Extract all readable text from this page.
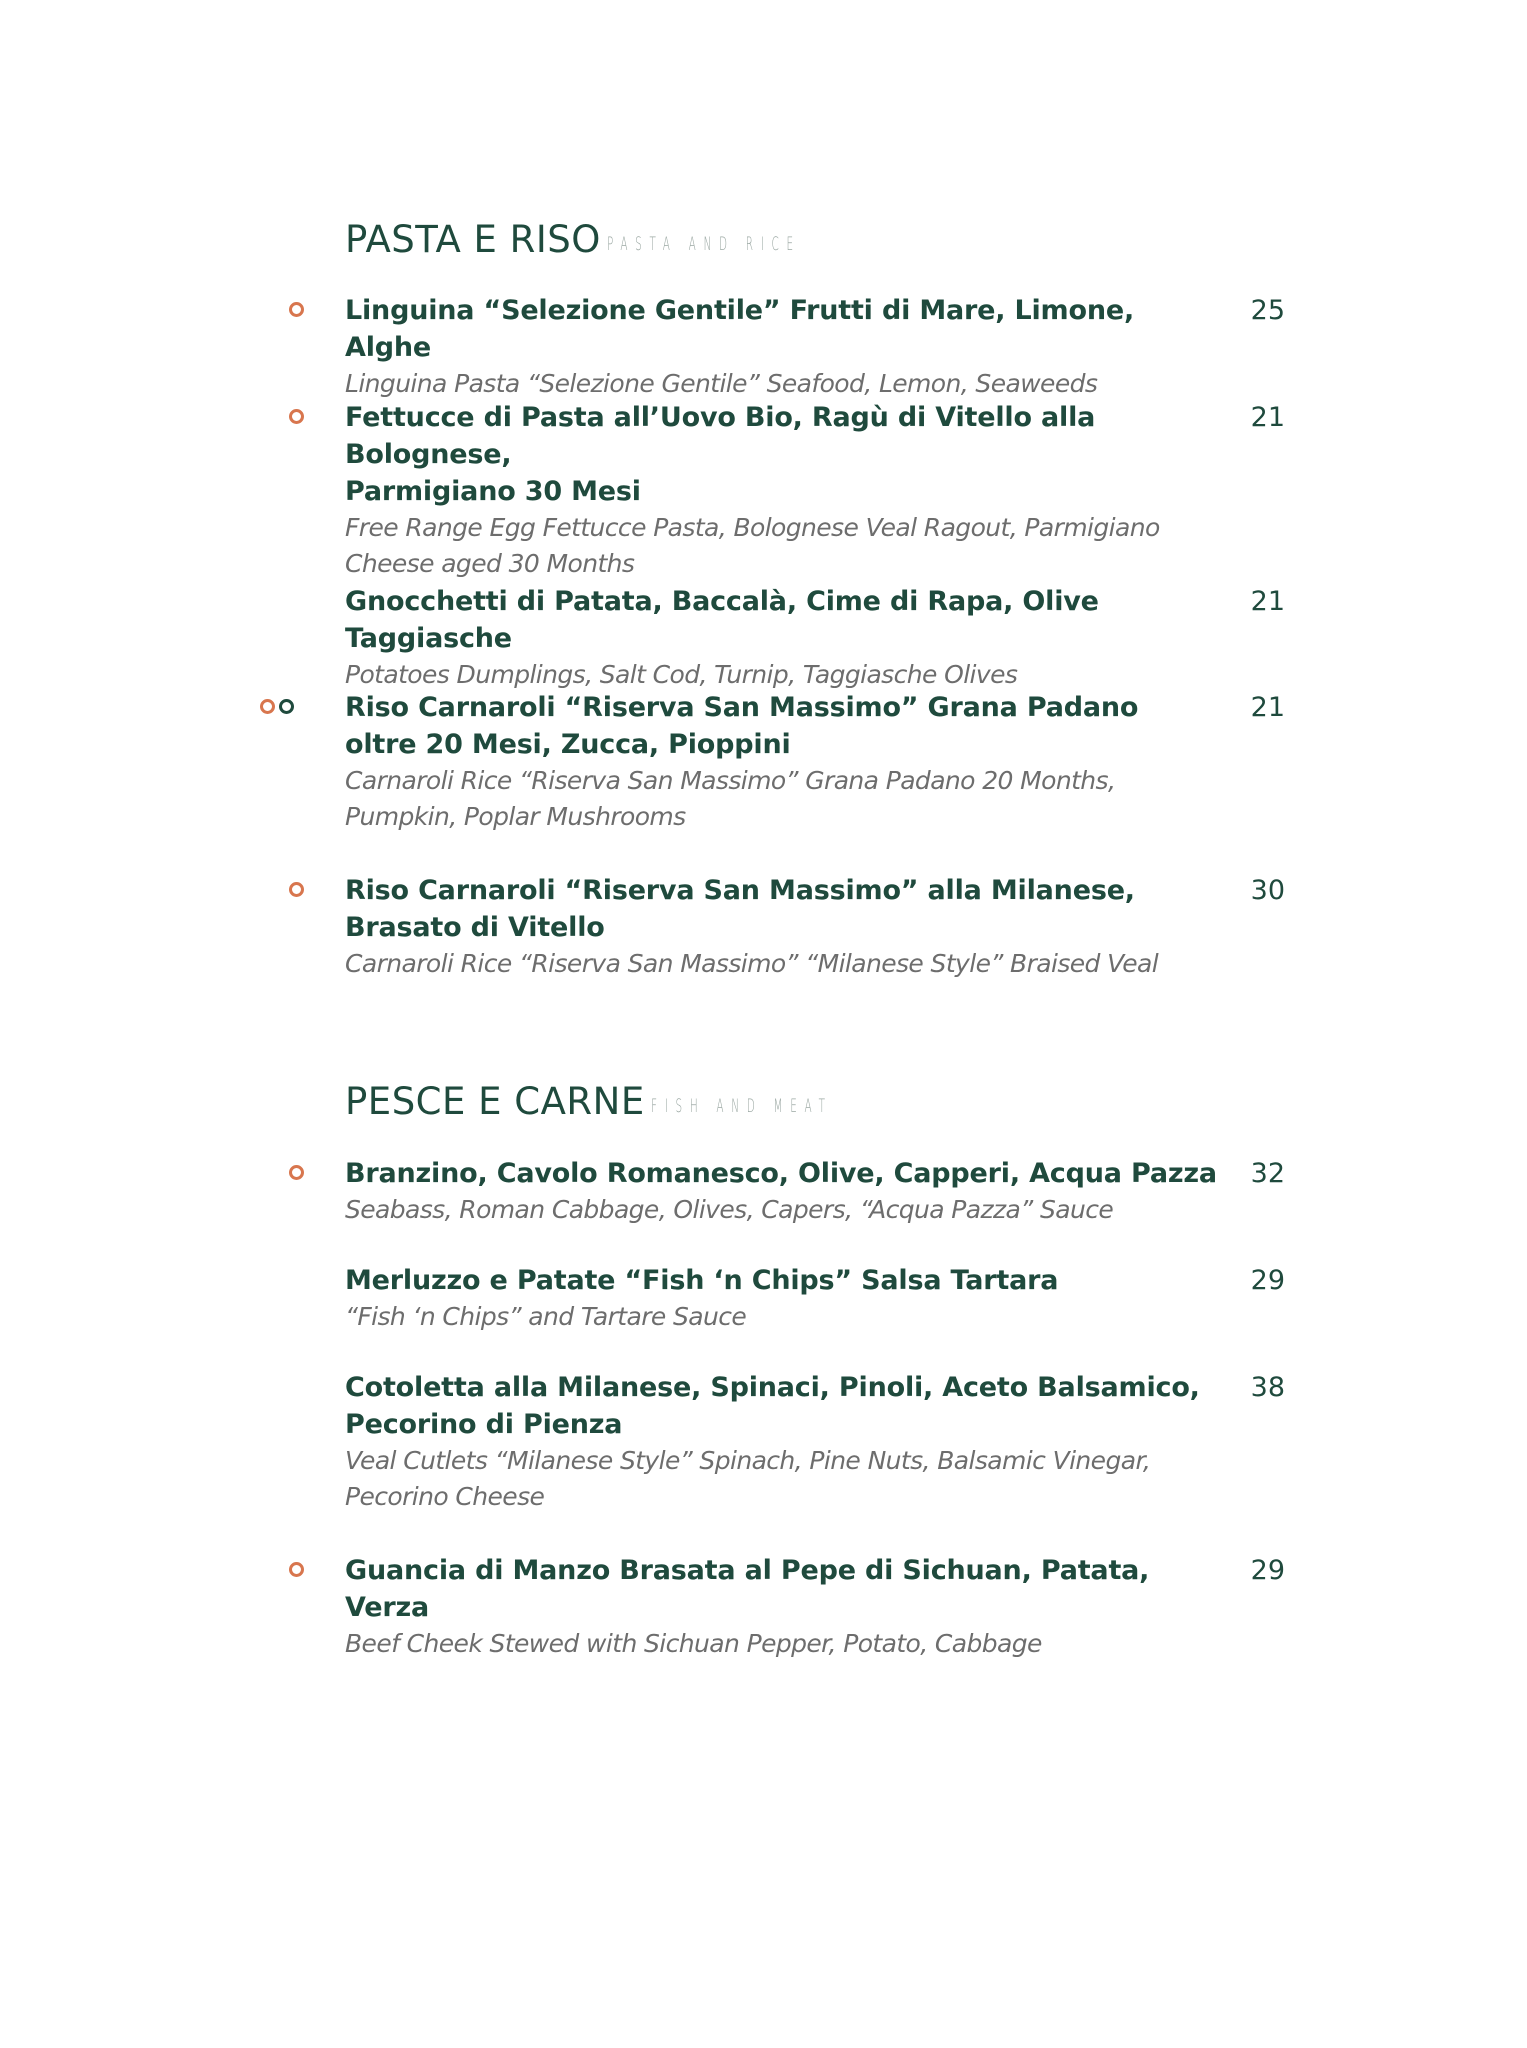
PASTA E RISO PASTA AND RICE
Linguina “Selezione Gentile” Frutti di Mare, Limone, Alghe
Linguina Pasta “Selezione Gentile” Seafood, Lemon, Seaweeds
25
Fettucce di Pasta all’Uovo Bio, Ragù di Vitello alla Bolognese,
Parmigiano 30 Mesi
Free Range Egg Fettucce Pasta, Bolognese Veal Ragout, Parmigiano
Cheese aged 30 Months
21
Gnocchetti di Patata, Baccalà, Cime di Rapa, Olive Taggiasche
Potatoes Dumplings, Salt Cod, Turnip, Taggiasche Olives
21
Riso Carnaroli “Riserva San Massimo” Grana Padano
oltre 20 Mesi, Zucca, Pioppini
Carnaroli Rice “Riserva San Massimo” Grana Padano 20 Months,
Pumpkin, Poplar Mushrooms
21
Riso Carnaroli “Riserva San Massimo” alla Milanese,
Brasato di Vitello
Carnaroli Rice “Riserva San Massimo” “Milanese Style” Braised Veal
30
PESCE E CARNE FISH AND MEAT
Branzino, Cavolo Romanesco, Olive, Capperi, Acqua Pazza
Seabass, Roman Cabbage, Olives, Capers, “Acqua Pazza” Sauce
32
Merluzzo e Patate “Fish ‘n Chips” Salsa Tartara
“Fish ‘n Chips” and Tartare Sauce
29
Cotoletta alla Milanese, Spinaci, Pinoli, Aceto Balsamico,
Pecorino di Pienza
Veal Cutlets “Milanese Style” Spinach, Pine Nuts, Balsamic Vinegar,
Pecorino Cheese
38
Guancia di Manzo Brasata al Pepe di Sichuan, Patata, Verza
Beef Cheek Stewed with Sichuan Pepper, Potato, Cabbage
29
